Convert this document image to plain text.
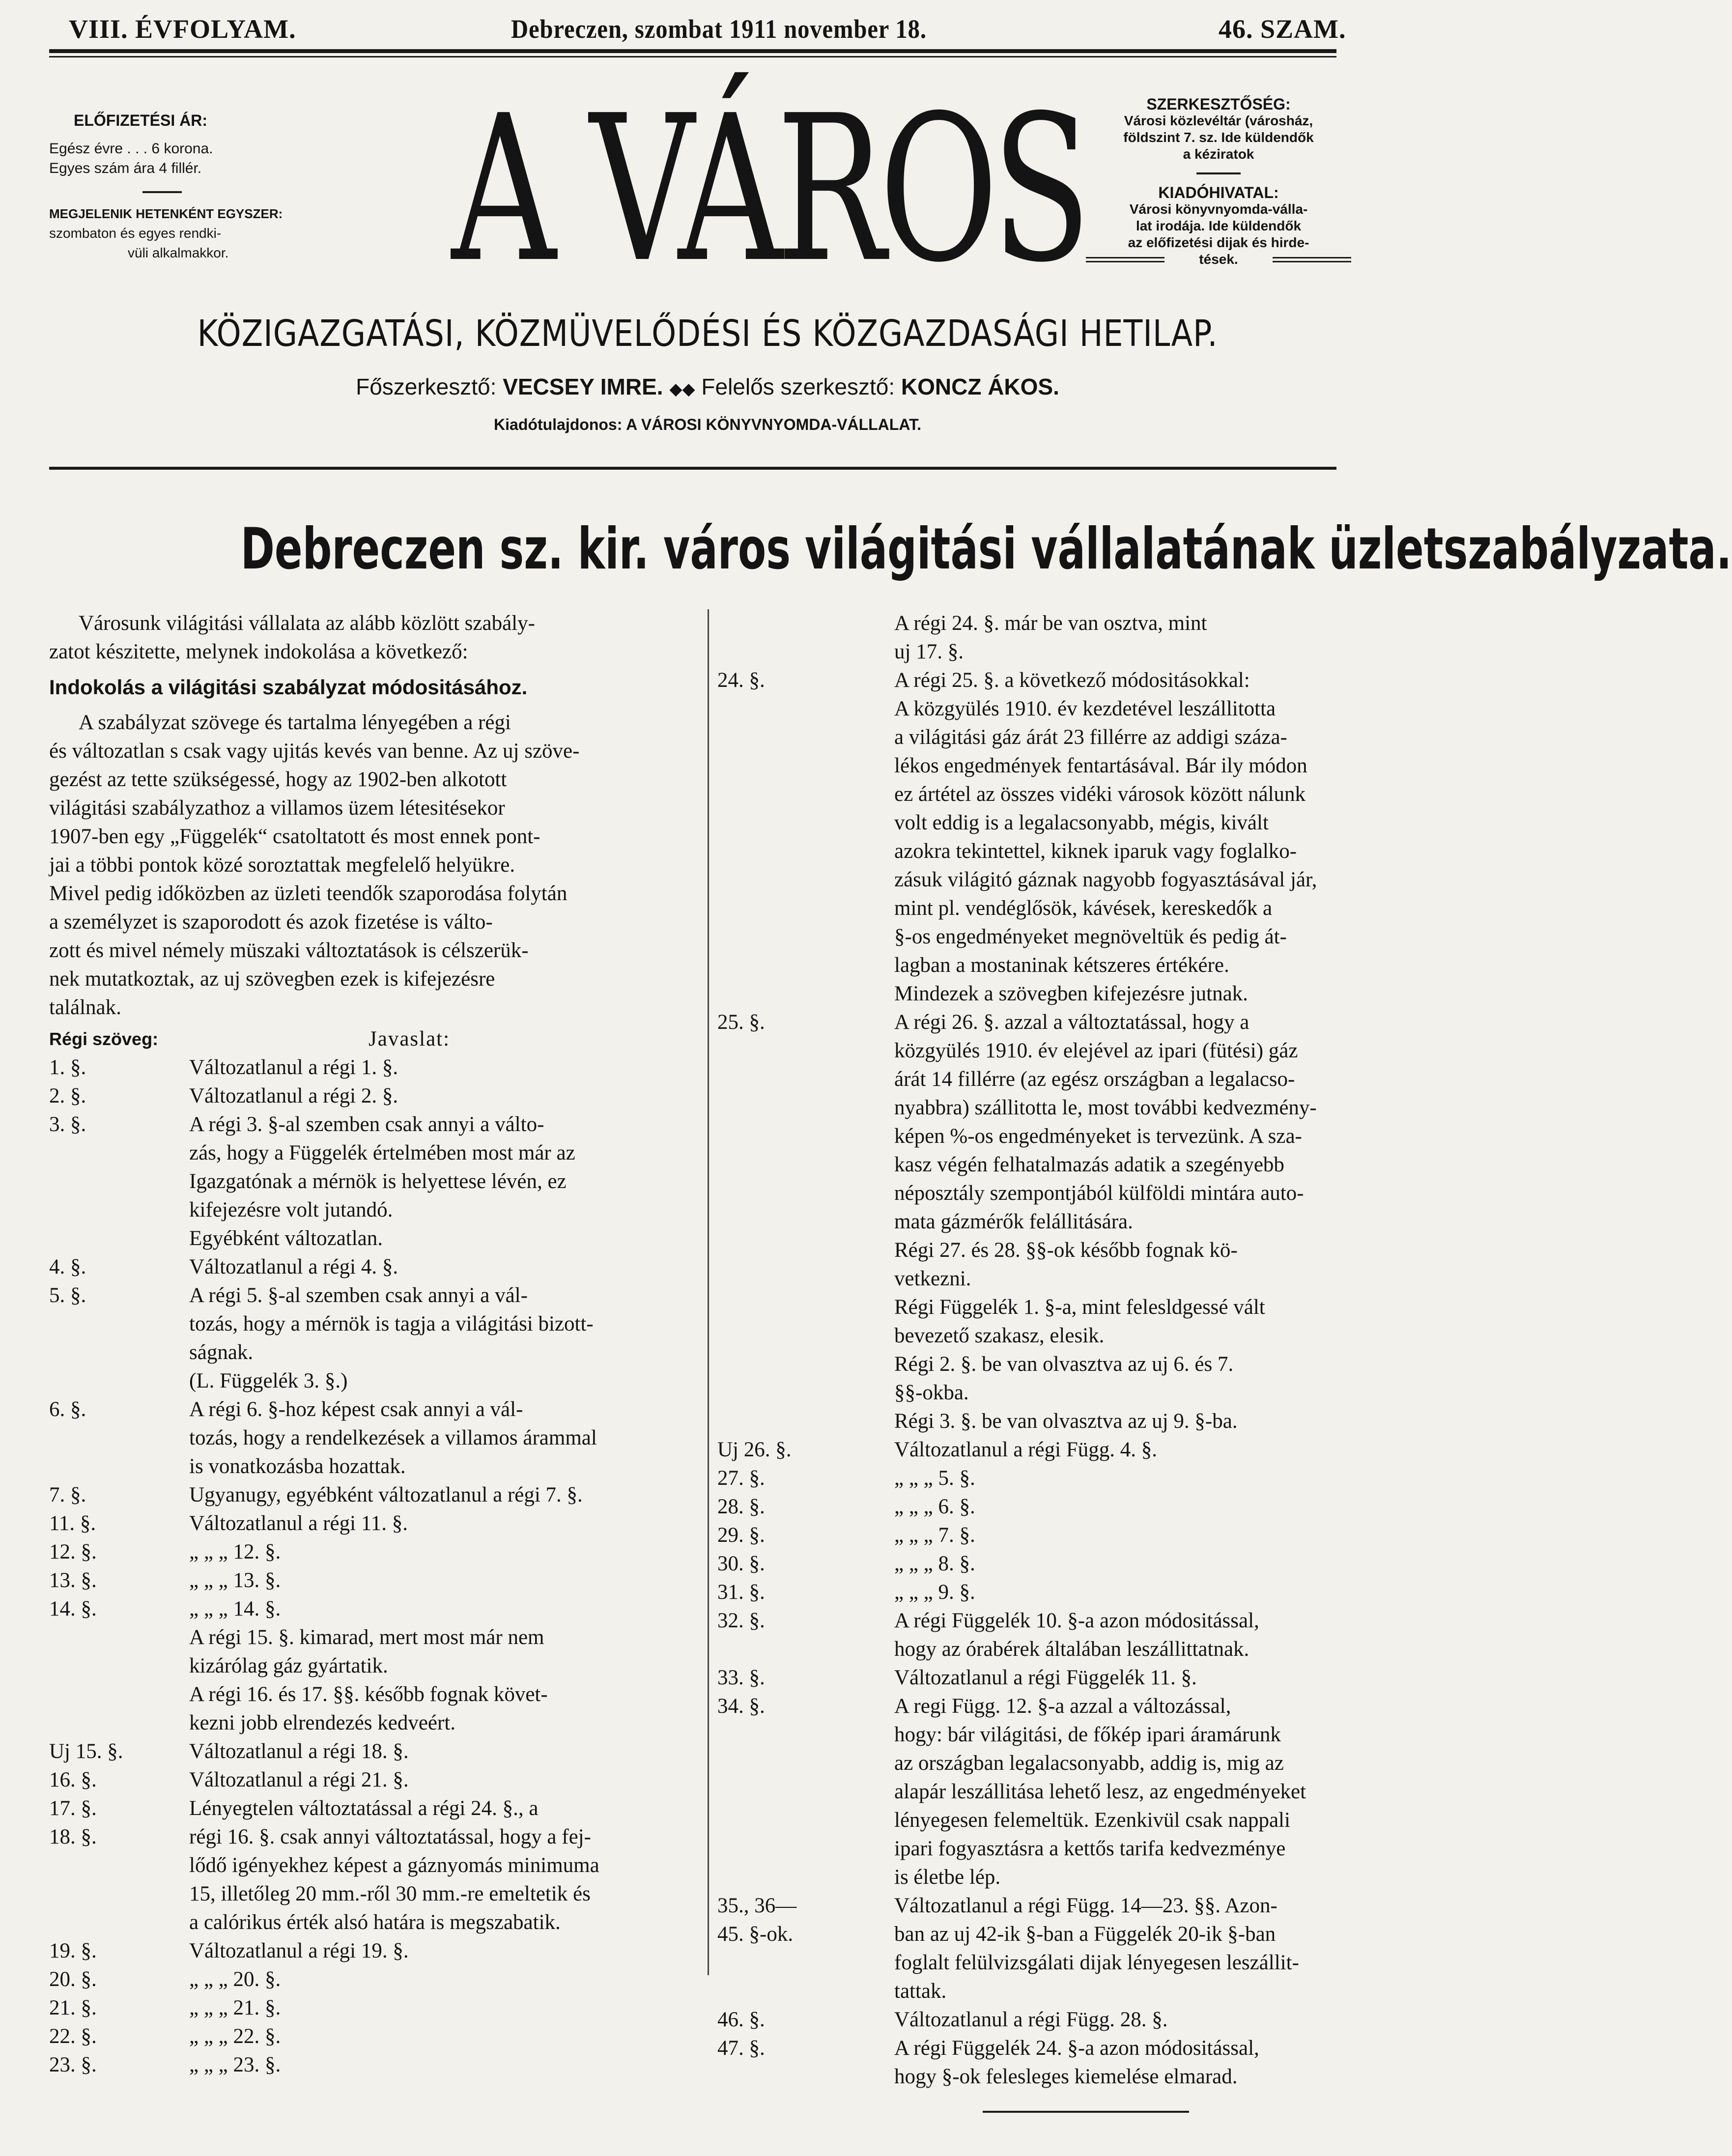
VIII. ÉVFOLYAM.	Debreczen, szombat 1911 november 18.	46. SZAM.
ELŐFIZETÉSI ÁR:
Egész évre . . . 6 korona.
Egyes szám ára 4 fillér.
MEGJELENIK HETENKÉNT EGYSZER:
szombaton és egyes rendki-
vüli alkalmakkor.	A VÁROS	SZERKESZTŐSÉG:
Városi közlevéltár (városház,
földszint 7. sz. Ide küldendők
a kéziratok
KIADÓHIVATAL:
Városi könyvnyomda-válla-
lat irodája. Ide küldendők
az előfizetési dijak és hirde-
tések.
KÖZIGAZGATÁSI, KÖZMÜVELŐDÉSI ÉS KÖZGAZDASÁGI HETILAP.
Főszerkesztő: VECSEY IMRE. ◆◆ Felelős szerkesztő: KONCZ ÁKOS.
Kiadótulajdonos: A VÁROSI KÖNYVNYOMDA-VÁLLALAT.
Debreczen sz. kir. város világitási vállalatának üzletszabályzata.

Városunk világitási vállalata az alább közlött szabály-

zatot készitette, melynek indokolása a következő:

Indokolás a világitási szabályzat módositásához.

A szabályzat szövege és tartalma lényegében a régi

és változatlan s csak vagy ujitás kevés van benne. Az uj szöve-

gezést az tette szükségessé, hogy az 1902-ben alkotott

világitási szabályzathoz a villamos üzem létesitésekor

1907-ben egy „Függelék“ csatoltatott és most ennek pont-

jai a többi pontok közé soroztattak megfelelő helyükre.

Mivel pedig időközben az üzleti teendők szaporodása folytán

a személyzet is szaporodott és azok fizetése is válto-

zott és mivel némely müszaki változtatások is célszerük-

nek mutatkoztak, az uj szövegben ezek is kifejezésre

találnak.

Régi szöveg:	Javaslat:
1. §.	Változatlanul a régi 1. §.
2. §.	Változatlanul a régi 2. §.
3. §.	A régi 3. §-al szemben csak annyi a válto-
zás, hogy a Függelék értelmében most már az
Igazgatónak a mérnök is helyettese lévén, ez
kifejezésre volt jutandó.
Egyébként változatlan.
4. §.	Változatlanul a régi 4. §.
5. §.	A régi 5. §-al szemben csak annyi a vál-
tozás, hogy a mérnök is tagja a világitási bizott-
ságnak.
(L. Függelék 3. §.)
6. §.	A régi 6. §-hoz képest csak annyi a vál-
tozás, hogy a rendelkezések a villamos árammal
is vonatkozásba hozattak.
7. §.	Ugyanugy, egyébként változatlanul a régi 7. §.
11. §.	Változatlanul a régi 11. §.
12. §.	„ „ „ 12. §.
13. §.	„ „ „ 13. §.
14. §.	„ „ „ 14. §.
A régi 15. §. kimarad, mert most már nem
kizárólag gáz gyártatik.
A régi 16. és 17. §§. később fognak követ-
kezni jobb elrendezés kedveért.
Uj 15. §.	Változatlanul a régi 18. §.
16. §.	Változatlanul a régi 21. §.
17. §.	Lényegtelen változtatással a régi 24. §., a
18. §.	régi 16. §. csak annyi változtatással, hogy a fej-
lődő igényekhez képest a gáznyomás minimuma
15, illetőleg 20 mm.-ről 30 mm.-re emeltetik és
a calórikus érték alsó határa is megszabatik.
19. §.	Változatlanul a régi 19. §.
20. §.	„ „ „ 20. §.
21. §.	„ „ „ 21. §.
22. §.	„ „ „ 22. §.
23. §.	„ „ „ 23. §.
A régi 24. §. már be van osztva, mint
uj 17. §.
24. §.	A régi 25. §. a következő módositásokkal:
A közgyülés 1910. év kezdetével leszállitotta
a világitási gáz árát 23 fillérre az addigi száza-
lékos engedmények fentartásával. Bár ily módon
ez ártétel az összes vidéki városok között nálunk
volt eddig is a legalacsonyabb, mégis, kivált
azokra tekintettel, kiknek iparuk vagy foglalko-
zásuk világitó gáznak nagyobb fogyasztásával jár,
mint pl. vendéglősök, kávések, kereskedők a
§-os engedményeket megnöveltük és pedig át-
lagban a mostaninak kétszeres értékére.
Mindezek a szövegben kifejezésre jutnak.
25. §.	A régi 26. §. azzal a változtatással, hogy a
közgyülés 1910. év elejével az ipari (fütési) gáz
árát 14 fillérre (az egész országban a legalacso-
nyabbra) szállitotta le, most további kedvezmény-
képen %-os engedményeket is tervezünk. A sza-
kasz végén felhatalmazás adatik a szegényebb
néposztály szempontjából külföldi mintára auto-
mata gázmérők felállitására.
Régi 27. és 28. §§-ok később fognak kö-
vetkezni.
Régi Függelék 1. §-a, mint felesldgessé vált
bevezető szakasz, elesik.
Régi 2. §. be van olvasztva az uj 6. és 7.
§§-okba.
Régi 3. §. be van olvasztva az uj 9. §-ba.
Uj 26. §.	Változatlanul a régi Függ. 4. §.
27. §.	„ „ „ 5. §.
28. §.	„ „ „ 6. §.
29. §.	„ „ „ 7. §.
30. §.	„ „ „ 8. §.
31. §.	„ „ „ 9. §.
32. §.	A régi Függelék 10. §-a azon módositással,
hogy az órabérek általában leszállittatnak.
33. §.	Változatlanul a régi Függelék 11. §.
34. §.	A regi Függ. 12. §-a azzal a változással,
hogy: bár világitási, de főkép ipari áramárunk
az országban legalacsonyabb, addig is, mig az
alapár leszállitása lehető lesz, az engedményeket
lényegesen felemeltük. Ezenkivül csak nappali
ipari fogyasztásra a kettős tarifa kedvezménye
is életbe lép.
35., 36—	Változatlanul a régi Függ. 14—23. §§. Azon-
45. §-ok.	ban az uj 42-ik §-ban a Függelék 20-ik §-ban
foglalt felülvizsgálati dijak lényegesen leszállit-
tattak.
46. §.	Változatlanul a régi Függ. 28. §.
47. §.	A régi Függelék 24. §-a azon módositással,
hogy §-ok felesleges kiemelése elmarad.
